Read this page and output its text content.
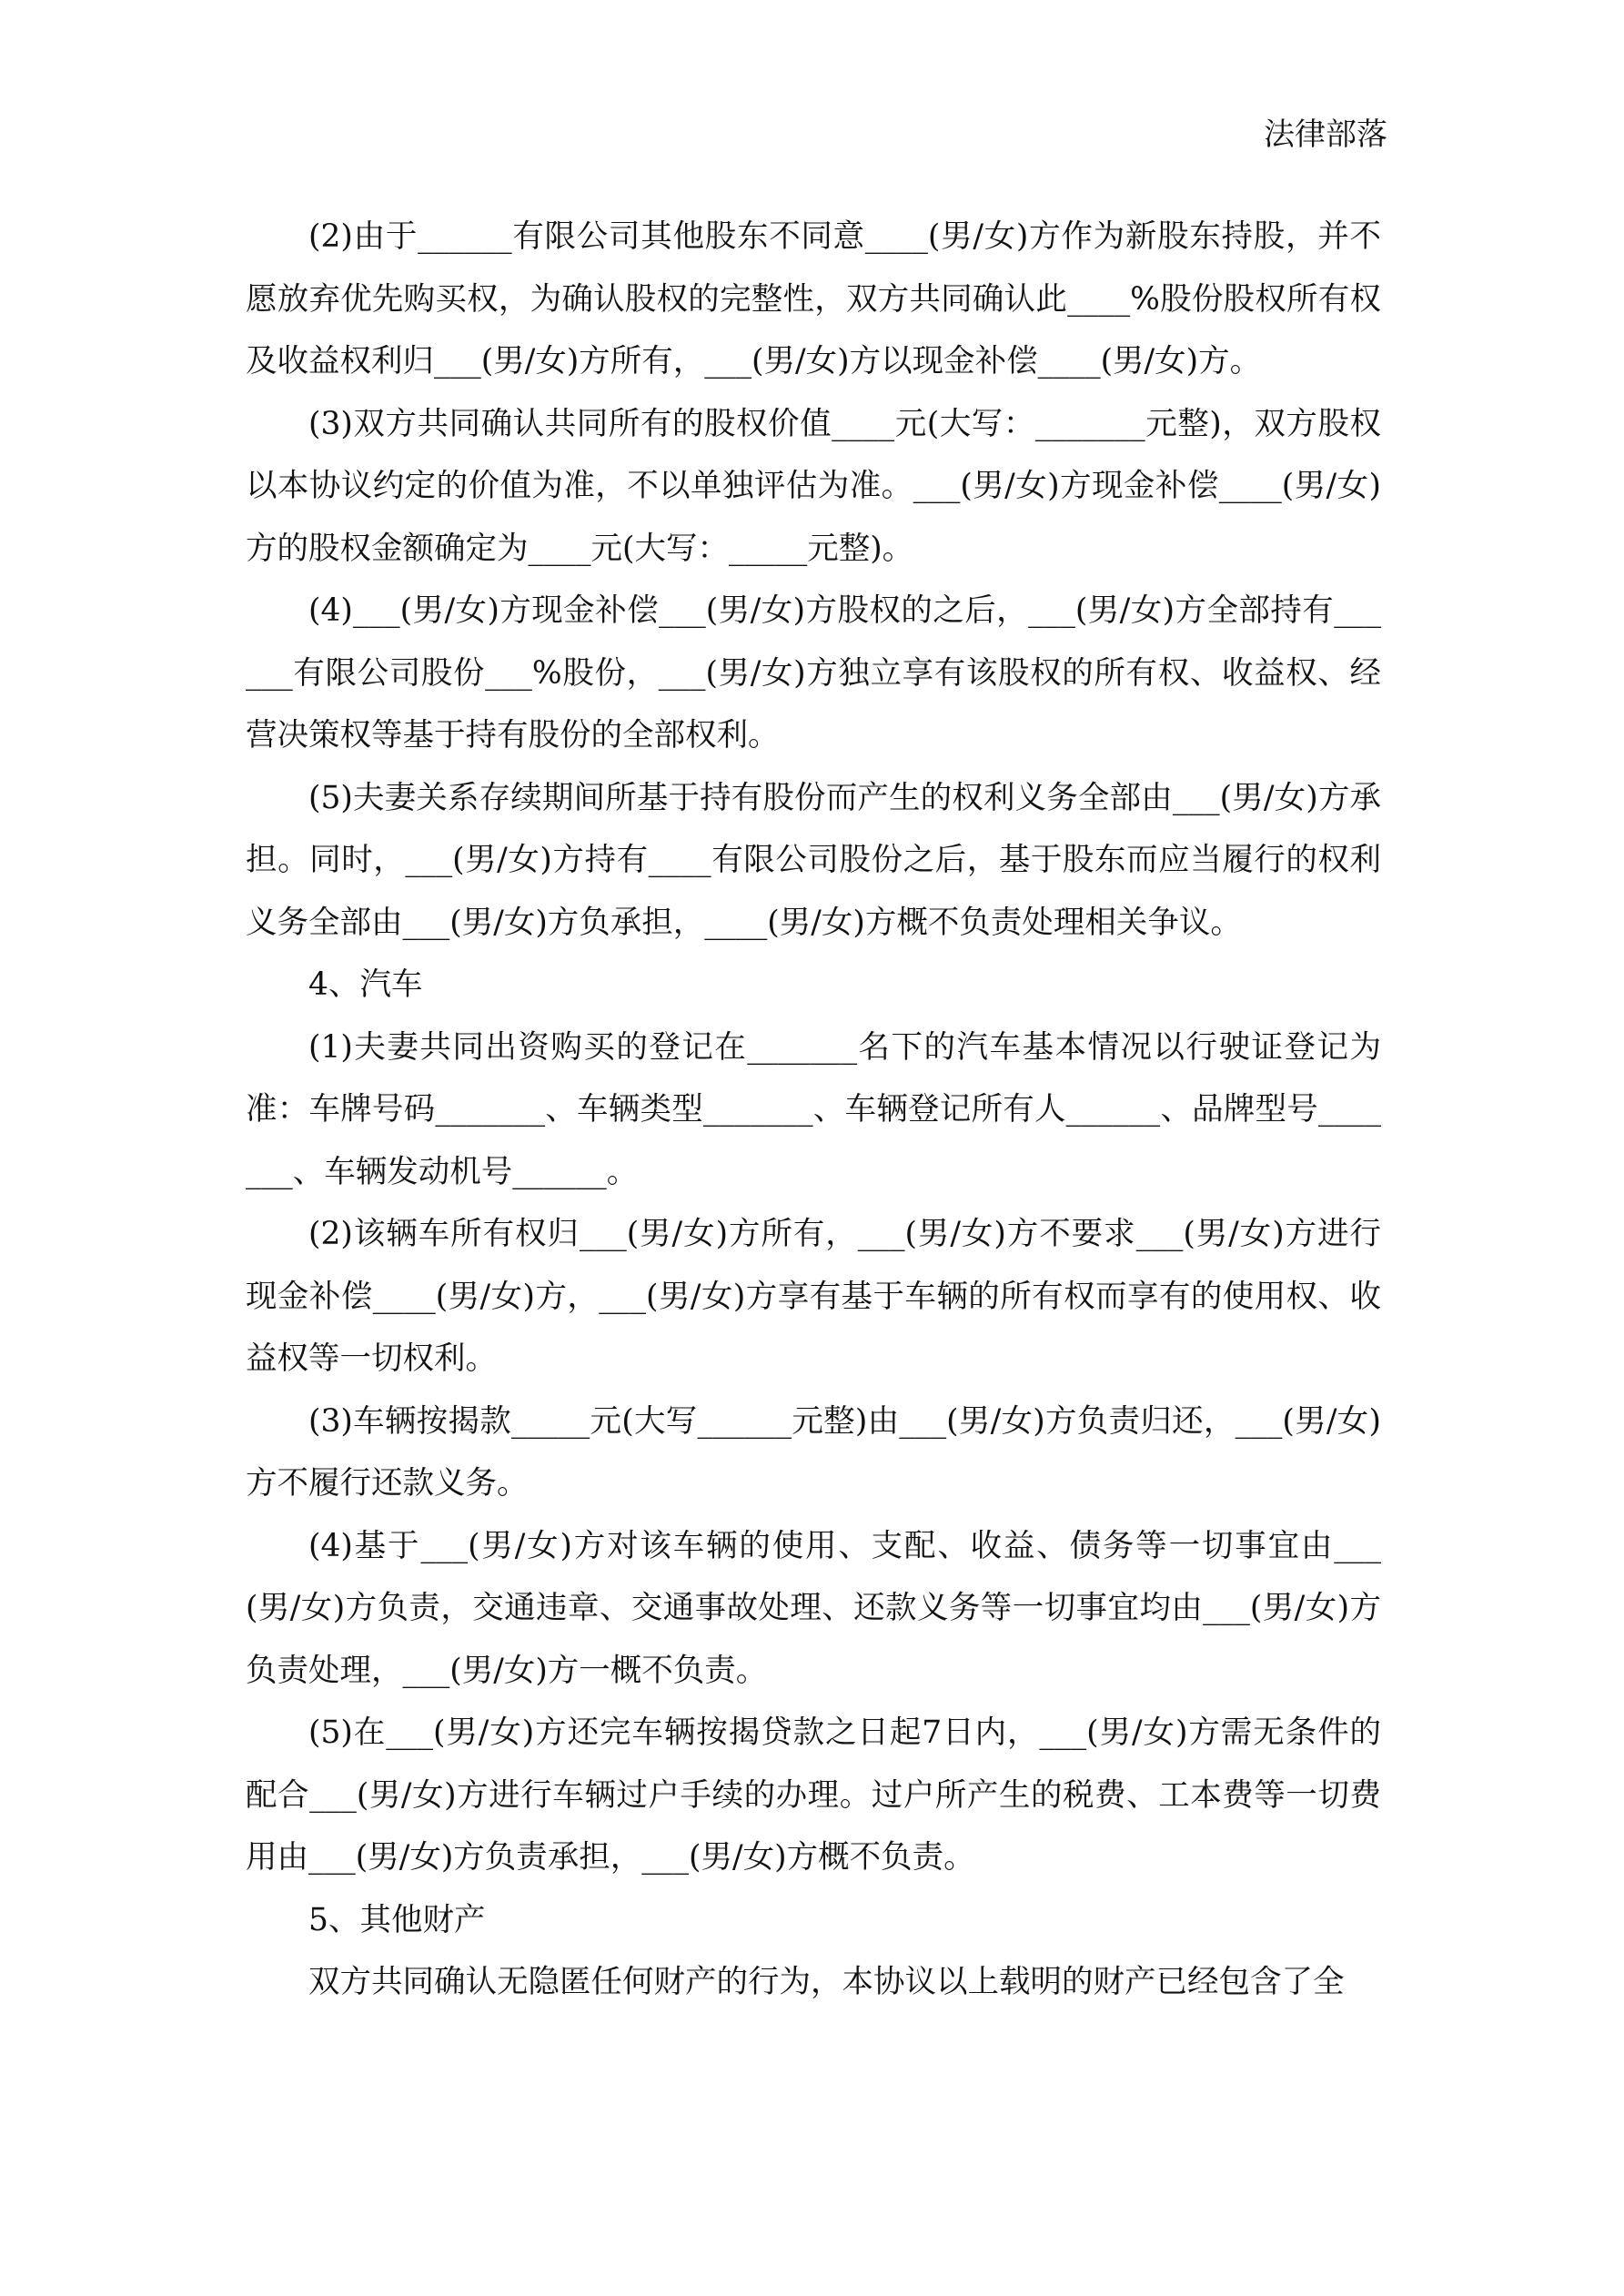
法律部落

(2)由于______有限公司其他股东不同意____(男/女)方作为新股东持股，并不愿放弃优先购买权，为确认股权的完整性，双方共同确认此____%股份股权所有权及收益权利归___(男/女)方所有，___(男/女)方以现金补偿____(男/女)方。

(3)双方共同确认共同所有的股权价值____元(大写：_______元整)，双方股权以本协议约定的价值为准，不以单独评估为准。___(男/女)方现金补偿____(男/女)方的股权金额确定为____元(大写：_____元整)。

(4)___(男/女)方现金补偿___(男/女)方股权的之后，___(男/女)方全部持有______有限公司股份___%股份，___(男/女)方独立享有该股权的所有权、收益权、经营决策权等基于持有股份的全部权利。

(5)夫妻关系存续期间所基于持有股份而产生的权利义务全部由___(男/女)方承担。同时，___(男/女)方持有____有限公司股份之后，基于股东而应当履行的权利义务全部由___(男/女)方负承担，____(男/女)方概不负责处理相关争议。

4、汽车

(1)夫妻共同出资购买的登记在_______名下的汽车基本情况以行驶证登记为准：车牌号码_______、车辆类型_______、车辆登记所有人______、品牌型号_______、车辆发动机号______。

(2)该辆车所有权归___(男/女)方所有，___(男/女)方不要求___(男/女)方进行现金补偿____(男/女)方，___(男/女)方享有基于车辆的所有权而享有的使用权、收益权等一切权利。

(3)车辆按揭款_____元(大写______元整)由___(男/女)方负责归还，___(男/女)方不履行还款义务。

(4)基于___(男/女)方对该车辆的使用、支配、收益、债务等一切事宜由___(男/女)方负责，交通违章、交通事故处理、还款义务等一切事宜均由___(男/女)方负责处理，___(男/女)方一概不负责。

(5)在___(男/女)方还完车辆按揭贷款之日起7日内，___(男/女)方需无条件的配合___(男/女)方进行车辆过户手续的办理。过户所产生的税费、工本费等一切费用由___(男/女)方负责承担，___(男/女)方概不负责。

5、其他财产

双方共同确认无隐匿任何财产的行为，本协议以上载明的财产已经包含了全
